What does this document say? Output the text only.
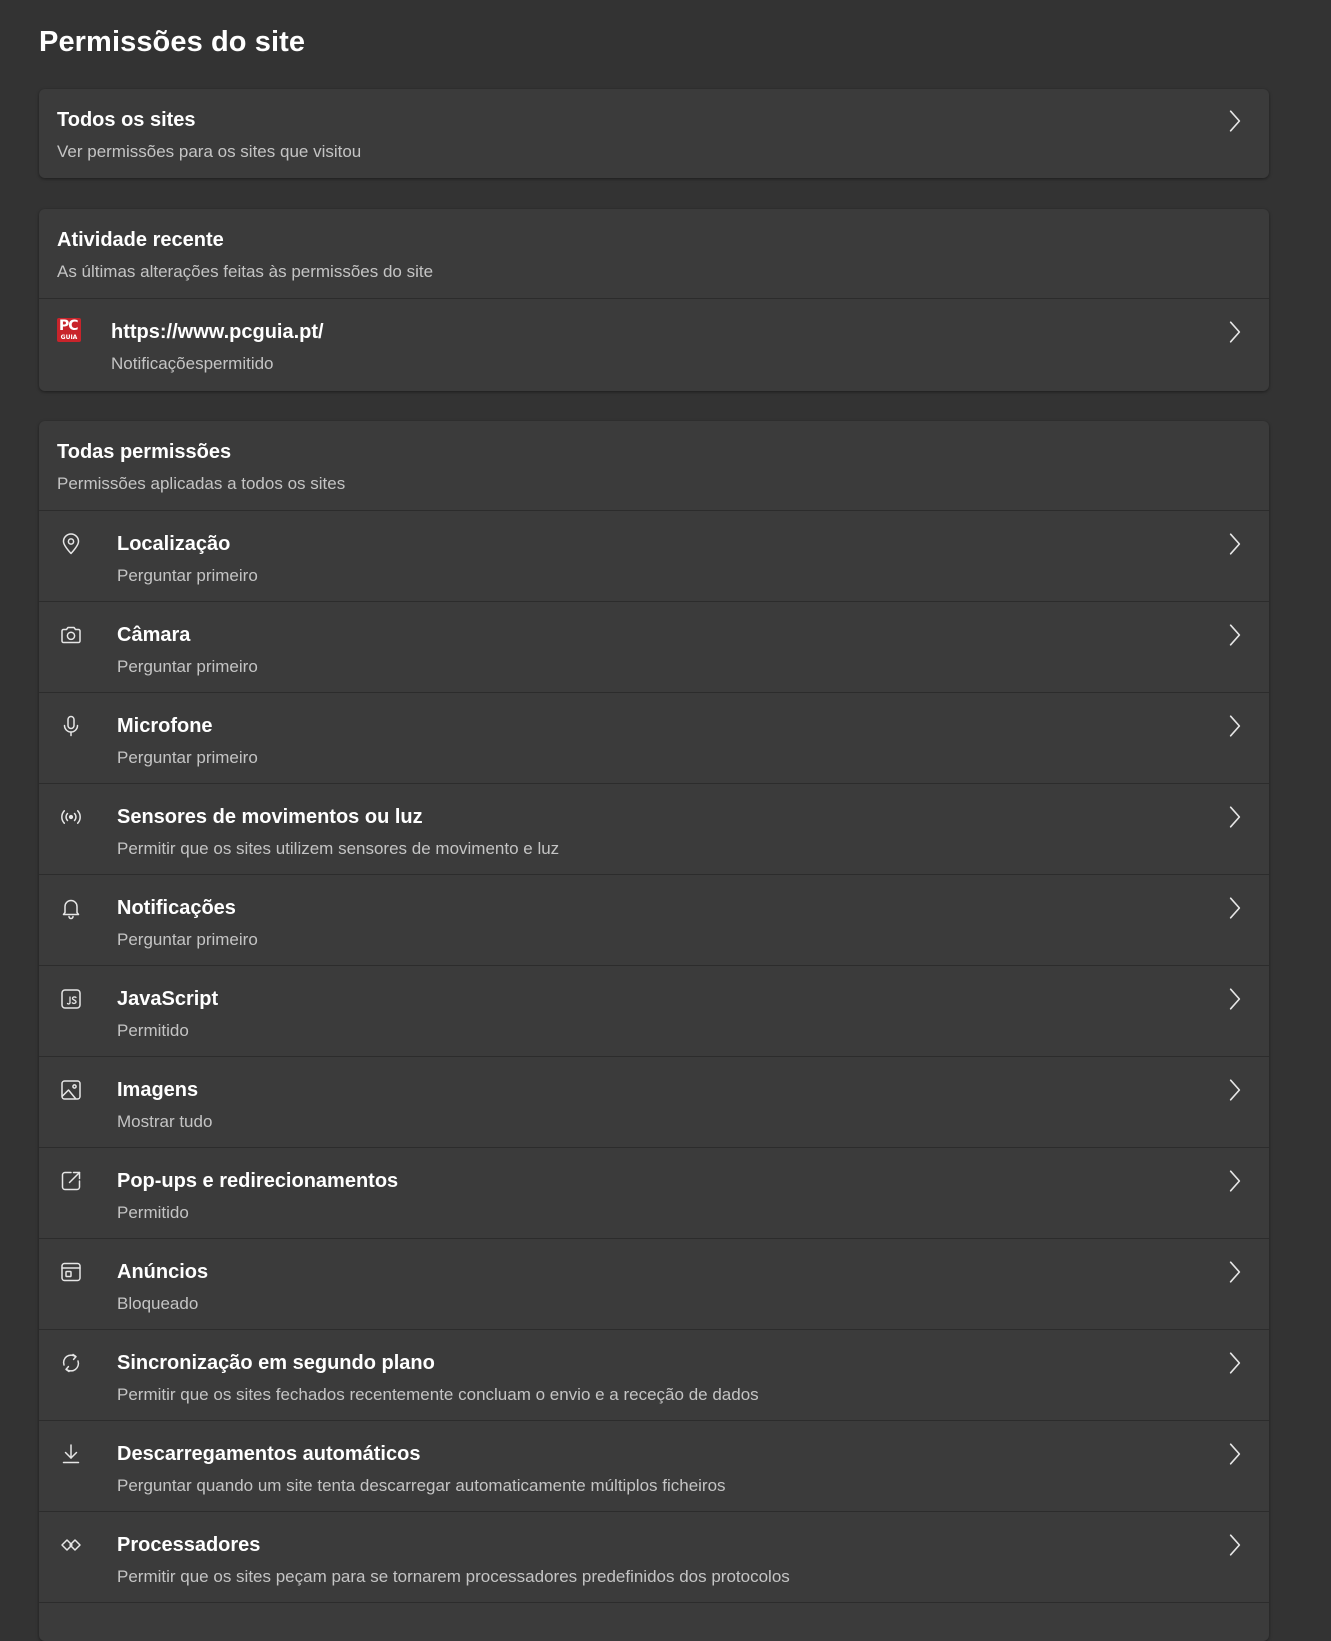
Permissões do site
Todos os sites
Ver permissões para os sites que visitou
Atividade recente
As últimas alterações feitas às permissões do site
PC
GUIA https://www.pcguia.pt/
Notificaçõespermitido
Todas permissões
Permissões aplicadas a todos os sites
Localização
Perguntar primeiro
Câmara
Perguntar primeiro
Microfone
Perguntar primeiro
Sensores de movimentos ou luz
Permitir que os sites utilizem sensores de movimento e luz
Notificações
Perguntar primeiro
JavaScript
Permitido
Imagens
Mostrar tudo
Pop-ups e redirecionamentos
Permitido
Anúncios
Bloqueado
Sincronização em segundo plano
Permitir que os sites fechados recentemente concluam o envio e a receção de dados
Descarregamentos automáticos
Perguntar quando um site tenta descarregar automaticamente múltiplos ficheiros
Processadores
Permitir que os sites peçam para se tornarem processadores predefinidos dos protocolos
